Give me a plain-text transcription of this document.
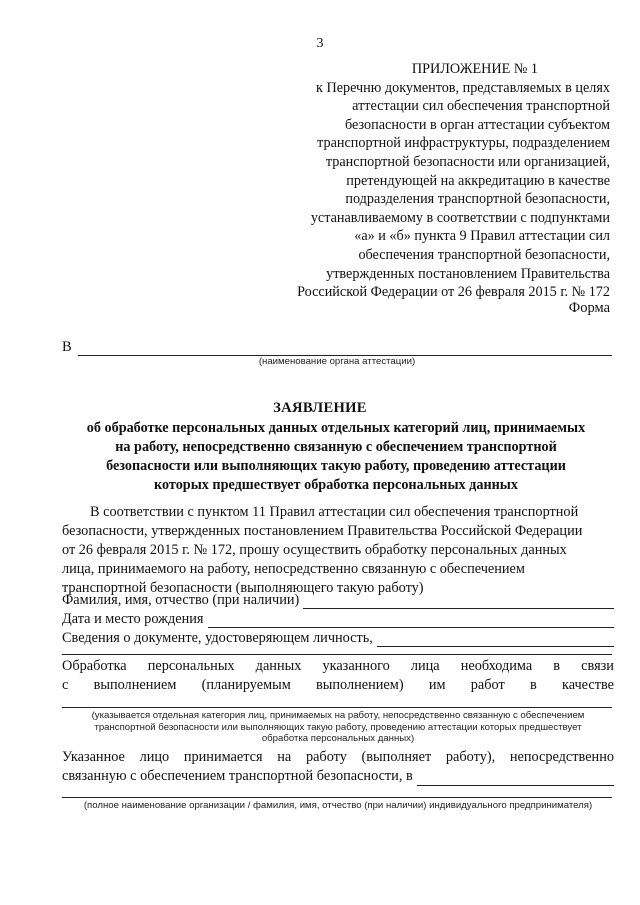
3
ПРИЛОЖЕНИЕ № 1
к Перечню документов, представляемых в целях
аттестации сил обеспечения транспортной
безопасности в орган аттестации субъектом
транспортной инфраструктуры, подразделением
транспортной безопасности или организацией,
претендующей на аккредитацию в качестве
подразделения транспортной безопасности,
устанавливаемому в соответствии с подпунктами
«а» и «б» пункта 9 Правил аттестации сил
обеспечения транспортной безопасности,
утвержденных постановлением Правительства
Российской Федерации от 26 февраля 2015 г. № 172
Форма
В
(наименование органа аттестации)
ЗАЯВЛЕНИЕ
об обработке персональных данных отдельных категорий лиц, принимаемых
на работу, непосредственно связанную с обеспечением транспортной
безопасности или выполняющих такую работу, проведению аттестации
которых предшествует обработка персональных данных
В соответствии с пунктом 11 Правил аттестации сил обеспечения транспортной
безопасности, утвержденных постановлением Правительства Российской Федерации
от 26 февраля 2015 г. № 172, прошу осуществить обработку персональных данных
лица, принимаемого на работу, непосредственно связанную с обеспечением
транспортной безопасности (выполняющего такую работу)
Фамилия, имя, отчество (при наличии)
Дата и место рождения
Сведения о документе, удостоверяющем личность,
Обработка персональных данных указанного лица необходима в связи
с выполнением (планируемым выполнением) им работ в качестве
(указывается отдельная категория лиц, принимаемых на работу, непосредственно связанную с обеспечением
транспортной безопасности или выполняющих такую работу, проведению аттестации которых предшествует
обработка персональных данных)
Указанное лицо принимается на работу (выполняет работу), непосредственно
связанную с обеспечением транспортной безопасности, в
(полное наименование организации / фамилия, имя, отчество (при наличии) индивидуального предпринимателя)
